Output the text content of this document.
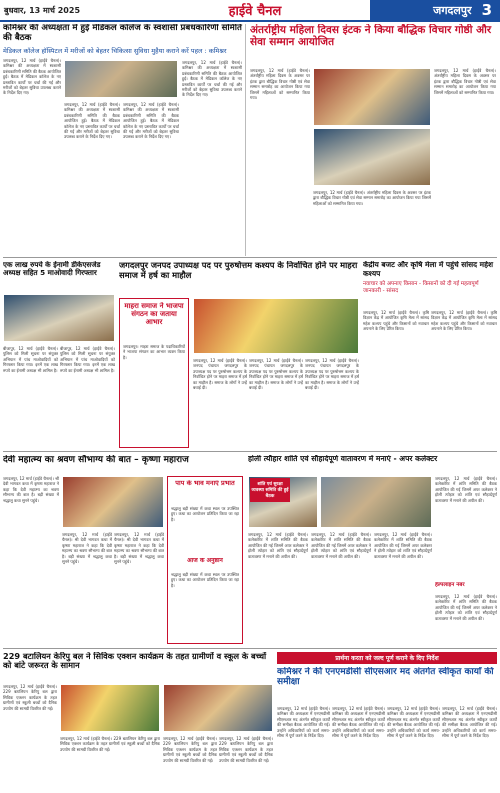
बुधवार, 13 मार्च 2025	हाईवे चैनल	जगदलपुर 3
कमिश्नर की अध्यक्षता में हुई मेडिकल कॉलेज के स्वशासी प्रबंधकारिणी समिति की बैठक
मेडिकल कॉलेज हॉस्पिटल में मरीजों को बेहतर चिकित्सा सुविधा मुहैया कराने करें पहल : कमिश्नर
जगदलपुर, 12 मार्च (हाईवे चैनल)। कमिश्नर की अध्यक्षता में स्वशासी प्रबंधकारिणी समिति की बैठक आयोजित हुई। बैठक में मेडिकल कॉलेज के नए प्रस्तावित कार्यों पर चर्चा की गई और मरीजों को बेहतर सुविधा उपलब्ध कराने के निर्देश दिए गए।
जगदलपुर, 12 मार्च (हाईवे चैनल)। कमिश्नर की अध्यक्षता में स्वशासी प्रबंधकारिणी समिति की बैठक आयोजित हुई। बैठक में मेडिकल कॉलेज के नए प्रस्तावित कार्यों पर चर्चा की गई और मरीजों को बेहतर सुविधा उपलब्ध कराने के निर्देश दिए गए।
जगदलपुर, 12 मार्च (हाईवे चैनल)। कमिश्नर की अध्यक्षता में स्वशासी प्रबंधकारिणी समिति की बैठक आयोजित हुई। बैठक में मेडिकल कॉलेज के नए प्रस्तावित कार्यों पर चर्चा की गई और मरीजों को बेहतर सुविधा उपलब्ध कराने के निर्देश दिए गए।
जगदलपुर, 12 मार्च (हाईवे चैनल)। कमिश्नर की अध्यक्षता में स्वशासी प्रबंधकारिणी समिति की बैठक आयोजित हुई। बैठक में मेडिकल कॉलेज के नए प्रस्तावित कार्यों पर चर्चा की गई और मरीजों को बेहतर सुविधा उपलब्ध कराने के निर्देश दिए गए।
अंतर्राष्ट्रीय महिला दिवस इंटक ने किया बौद्धिक विचार गोष्ठी और सेवा सम्मान आयोजित
जगदलपुर, 12 मार्च (हाईवे चैनल)। अंतर्राष्ट्रीय महिला दिवस के अवसर पर इंटक द्वारा बौद्धिक विचार गोष्ठी एवं सेवा सम्मान समारोह का आयोजन किया गया जिसमें महिलाओं को सम्मानित किया गया।
जगदलपुर, 12 मार्च (हाईवे चैनल)। अंतर्राष्ट्रीय महिला दिवस के अवसर पर इंटक द्वारा बौद्धिक विचार गोष्ठी एवं सेवा सम्मान समारोह का आयोजन किया गया जिसमें महिलाओं को सम्मानित किया गया।
जगदलपुर, 12 मार्च (हाईवे चैनल)। अंतर्राष्ट्रीय महिला दिवस के अवसर पर इंटक द्वारा बौद्धिक विचार गोष्ठी एवं सेवा सम्मान समारोह का आयोजन किया गया जिसमें महिलाओं को सम्मानित किया गया।
एक लाख रुपये के ईनामी डीकेएसजेड अध्यक्ष सहित 5 माओवादी गिरफ्तार
बीजापुर, 12 मार्च (हाईवे चैनल)। पुलिस को मिली सूचना पर संयुक्त अभियान में पांच माओवादियों को गिरफ्तार किया गया। इनमें एक लाख रुपये का ईनामी अध्यक्ष भी शामिल है।
बीजापुर, 12 मार्च (हाईवे चैनल)। पुलिस को मिली सूचना पर संयुक्त अभियान में पांच माओवादियों को गिरफ्तार किया गया। इनमें एक लाख रुपये का ईनामी अध्यक्ष भी शामिल है।
जगदलपुर जनपद उपाध्यक्ष पद पर पुरुषोत्तम कश्यप के निर्वाचित होने पर माहरा समाज में हर्ष का माहौल
माहरा समाज ने भाजपा संगठन का जताया आभार
जगदलपुर। माहरा समाज के पदाधिकारियों ने भाजपा संगठन का आभार व्यक्त किया है।
जगदलपुर, 12 मार्च (हाईवे चैनल)। जनपद पंचायत जगदलपुर के उपाध्यक्ष पद पर पुरुषोत्तम कश्यप के निर्वाचित होने पर माहरा समाज में हर्ष का माहौल है। समाज के लोगों ने उन्हें बधाई दी।
जगदलपुर, 12 मार्च (हाईवे चैनल)। जनपद पंचायत जगदलपुर के उपाध्यक्ष पद पर पुरुषोत्तम कश्यप के निर्वाचित होने पर माहरा समाज में हर्ष का माहौल है। समाज के लोगों ने उन्हें बधाई दी।
जगदलपुर, 12 मार्च (हाईवे चैनल)। जनपद पंचायत जगदलपुर के उपाध्यक्ष पद पर पुरुषोत्तम कश्यप के निर्वाचित होने पर माहरा समाज में हर्ष का माहौल है। समाज के लोगों ने उन्हें बधाई दी।
केंद्रीय बजट और कृषि मेला में पहुंचे सांसद महेश कश्यप
नवाचार को अपनाए किसान - किसानों को दी गई महत्वपूर्ण जानकारी - सांसद
जगदलपुर, 12 मार्च (हाईवे चैनल)। कृषि विज्ञान केंद्र में आयोजित कृषि मेला में सांसद महेश कश्यप पहुंचे और किसानों को नवाचार अपनाने के लिए प्रेरित किया।
जगदलपुर, 12 मार्च (हाईवे चैनल)। कृषि विज्ञान केंद्र में आयोजित कृषि मेला में सांसद महेश कश्यप पहुंचे और किसानों को नवाचार अपनाने के लिए प्रेरित किया।
देवी महात्म्य का श्रवण सौभाग्य की बात – कृष्णा महाराज
जगदलपुर, 12 मार्च (हाईवे चैनल)। श्री देवी भागवत कथा में कृष्णा महाराज ने कहा कि देवी महात्म्य का श्रवण सौभाग्य की बात है। बड़ी संख्या में श्रद्धालु कथा सुनने पहुंचे।
जगदलपुर, 12 मार्च (हाईवे चैनल)। श्री देवी भागवत कथा में कृष्णा महाराज ने कहा कि देवी महात्म्य का श्रवण सौभाग्य की बात है। बड़ी संख्या में श्रद्धालु कथा सुनने पहुंचे।
जगदलपुर, 12 मार्च (हाईवे चैनल)। श्री देवी भागवत कथा में कृष्णा महाराज ने कहा कि देवी महात्म्य का श्रवण सौभाग्य की बात है। बड़ी संख्या में श्रद्धालु कथा सुनने पहुंचे।
पाप के भाव मनाएं प्रभात
श्रद्धालु बड़ी संख्या में कथा स्थल पर उपस्थित हुए। कथा का आयोजन प्रतिदिन किया जा रहा है।
आज के अनुष्ठान
श्रद्धालु बड़ी संख्या में कथा स्थल पर उपस्थित हुए। कथा का आयोजन प्रतिदिन किया जा रहा है।
होली त्यौहार शांति एवं सौहार्दपूर्ण वातावरण में मनाएं - अपर कलेक्टर
शांति एवं सुरक्षा व्यवस्था समिति की हुई बैठक
जगदलपुर, 12 मार्च (हाईवे चैनल)। कलेक्टोरेट में शांति समिति की बैठक आयोजित की गई जिसमें अपर कलेक्टर ने होली त्योहार को शांति एवं सौहार्दपूर्ण वातावरण में मनाने की अपील की।
जगदलपुर, 12 मार्च (हाईवे चैनल)। कलेक्टोरेट में शांति समिति की बैठक आयोजित की गई जिसमें अपर कलेक्टर ने होली त्योहार को शांति एवं सौहार्दपूर्ण वातावरण में मनाने की अपील की।
जगदलपुर, 12 मार्च (हाईवे चैनल)। कलेक्टोरेट में शांति समिति की बैठक आयोजित की गई जिसमें अपर कलेक्टर ने होली त्योहार को शांति एवं सौहार्दपूर्ण वातावरण में मनाने की अपील की।
जगदलपुर, 12 मार्च (हाईवे चैनल)। कलेक्टोरेट में शांति समिति की बैठक आयोजित की गई जिसमें अपर कलेक्टर ने होली त्योहार को शांति एवं सौहार्दपूर्ण वातावरण में मनाने की अपील की।
हेल्पलाइन नंबर
जगदलपुर, 12 मार्च (हाईवे चैनल)। कलेक्टोरेट में शांति समिति की बैठक आयोजित की गई जिसमें अपर कलेक्टर ने होली त्योहार को शांति एवं सौहार्दपूर्ण वातावरण में मनाने की अपील की।
229 बटालियन केरिपु बल ने सिविक एक्शन कार्यक्रम के तहत ग्रामीणों व स्कूल के बच्चों को बांटे जरूरत के सामान
जगदलपुर, 12 मार्च (हाईवे चैनल)। 229 बटालियन केरिपु बल द्वारा सिविक एक्शन कार्यक्रम के तहत ग्रामीणों एवं स्कूली बच्चों को दैनिक उपयोग की सामग्री वितरित की गई।
जगदलपुर, 12 मार्च (हाईवे चैनल)। 229 बटालियन केरिपु बल द्वारा सिविक एक्शन कार्यक्रम के तहत ग्रामीणों एवं स्कूली बच्चों को दैनिक उपयोग की सामग्री वितरित की गई।
जगदलपुर, 12 मार्च (हाईवे चैनल)। 229 बटालियन केरिपु बल द्वारा सिविक एक्शन कार्यक्रम के तहत ग्रामीणों एवं स्कूली बच्चों को दैनिक उपयोग की सामग्री वितरित की गई।
जगदलपुर, 12 मार्च (हाईवे चैनल)। 229 बटालियन केरिपु बल द्वारा सिविक एक्शन कार्यक्रम के तहत ग्रामीणों एवं स्कूली बच्चों को दैनिक उपयोग की सामग्री वितरित की गई।
प्रार्थना करता को जल्द पूर्ण कराने के दिए निर्देश
कमिश्नर ने की एनएमडीसी सीएसआर मद अंतर्गत स्वीकृत कार्यों की समीक्षा
जगदलपुर, 12 मार्च (हाईवे चैनल)। कमिश्नर की अध्यक्षता में एनएमडीसी सीएसआर मद अंतर्गत स्वीकृत कार्यों की समीक्षा बैठक आयोजित की गई। उन्होंने अधिकारियों को कार्य समय-सीमा में पूर्ण करने के निर्देश दिए।
जगदलपुर, 12 मार्च (हाईवे चैनल)। कमिश्नर की अध्यक्षता में एनएमडीसी सीएसआर मद अंतर्गत स्वीकृत कार्यों की समीक्षा बैठक आयोजित की गई। उन्होंने अधिकारियों को कार्य समय-सीमा में पूर्ण करने के निर्देश दिए।
जगदलपुर, 12 मार्च (हाईवे चैनल)। कमिश्नर की अध्यक्षता में एनएमडीसी सीएसआर मद अंतर्गत स्वीकृत कार्यों की समीक्षा बैठक आयोजित की गई। उन्होंने अधिकारियों को कार्य समय-सीमा में पूर्ण करने के निर्देश दिए।
जगदलपुर, 12 मार्च (हाईवे चैनल)। कमिश्नर की अध्यक्षता में एनएमडीसी सीएसआर मद अंतर्गत स्वीकृत कार्यों की समीक्षा बैठक आयोजित की गई। उन्होंने अधिकारियों को कार्य समय-सीमा में पूर्ण करने के निर्देश दिए।
